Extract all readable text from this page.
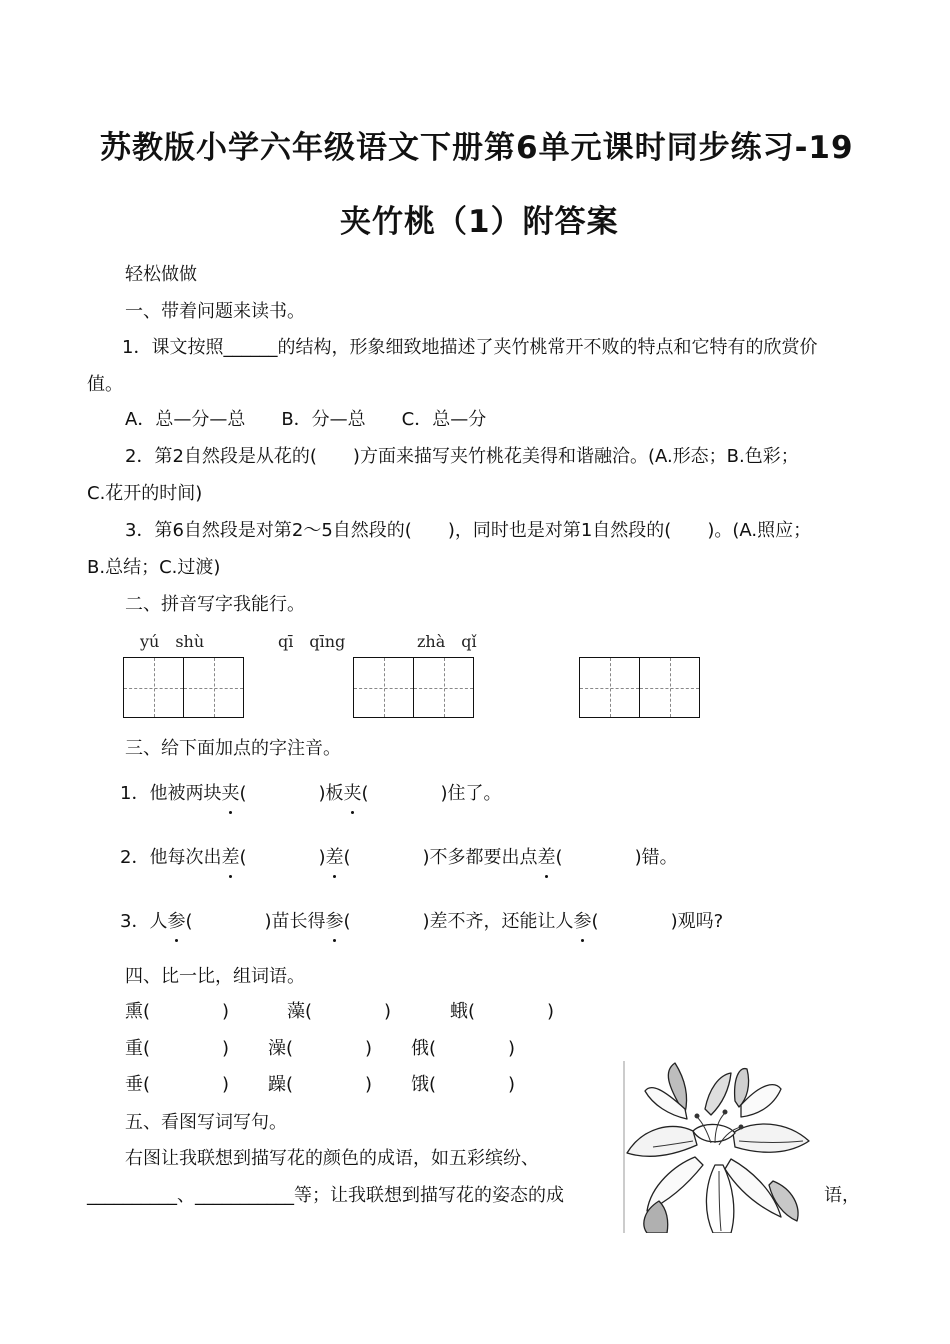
苏教版小学六年级语文下册第6单元课时同步练习-19
夹竹桃（1）附答案
轻松做做
一、带着问题来读书。
1．课文按照______的结构，形象细致地描述了夹竹桃常开不败的特点和它特有的欣赏价
值。
A．总—分—总　　B．分—总　　C．总—分
2．第2自然段是从花的(　　)方面来描写夹竹桃花美得和谐融洽。(A.形态；B.色彩；
C.花开的时间)
3．第6自然段是对第2～5自然段的(　　)，同时也是对第1自然段的(　　)。(A.照应；
B.总结；C.过渡)
二、拼音写字我能行。
yú　shù	qī　qīng	zhà　qǐ
三、给下面加点的字注音。
1．他被两块夹(　　　　)板夹(　　　　)住了。
2．他每次出差(　　　　)差(　　　　)不多都要出点差(　　　　)错。
3．人参(　　　　)苗长得参(　　　　)差不齐，还能让人参(　　　　)观吗?
四、比一比，组词语。
熏(　　　　)	藻(　　　　)	蛾(　　　　)
重(　　　　) 澡(　　　　) 俄(　　　　)
垂(　　　　) 躁(　　　　) 饿(　　　　)
五、看图写词写句。
右图让我联想到描写花的颜色的成语，如五彩缤纷、
__________、___________等；让我联想到描写花的姿态的成	语，
